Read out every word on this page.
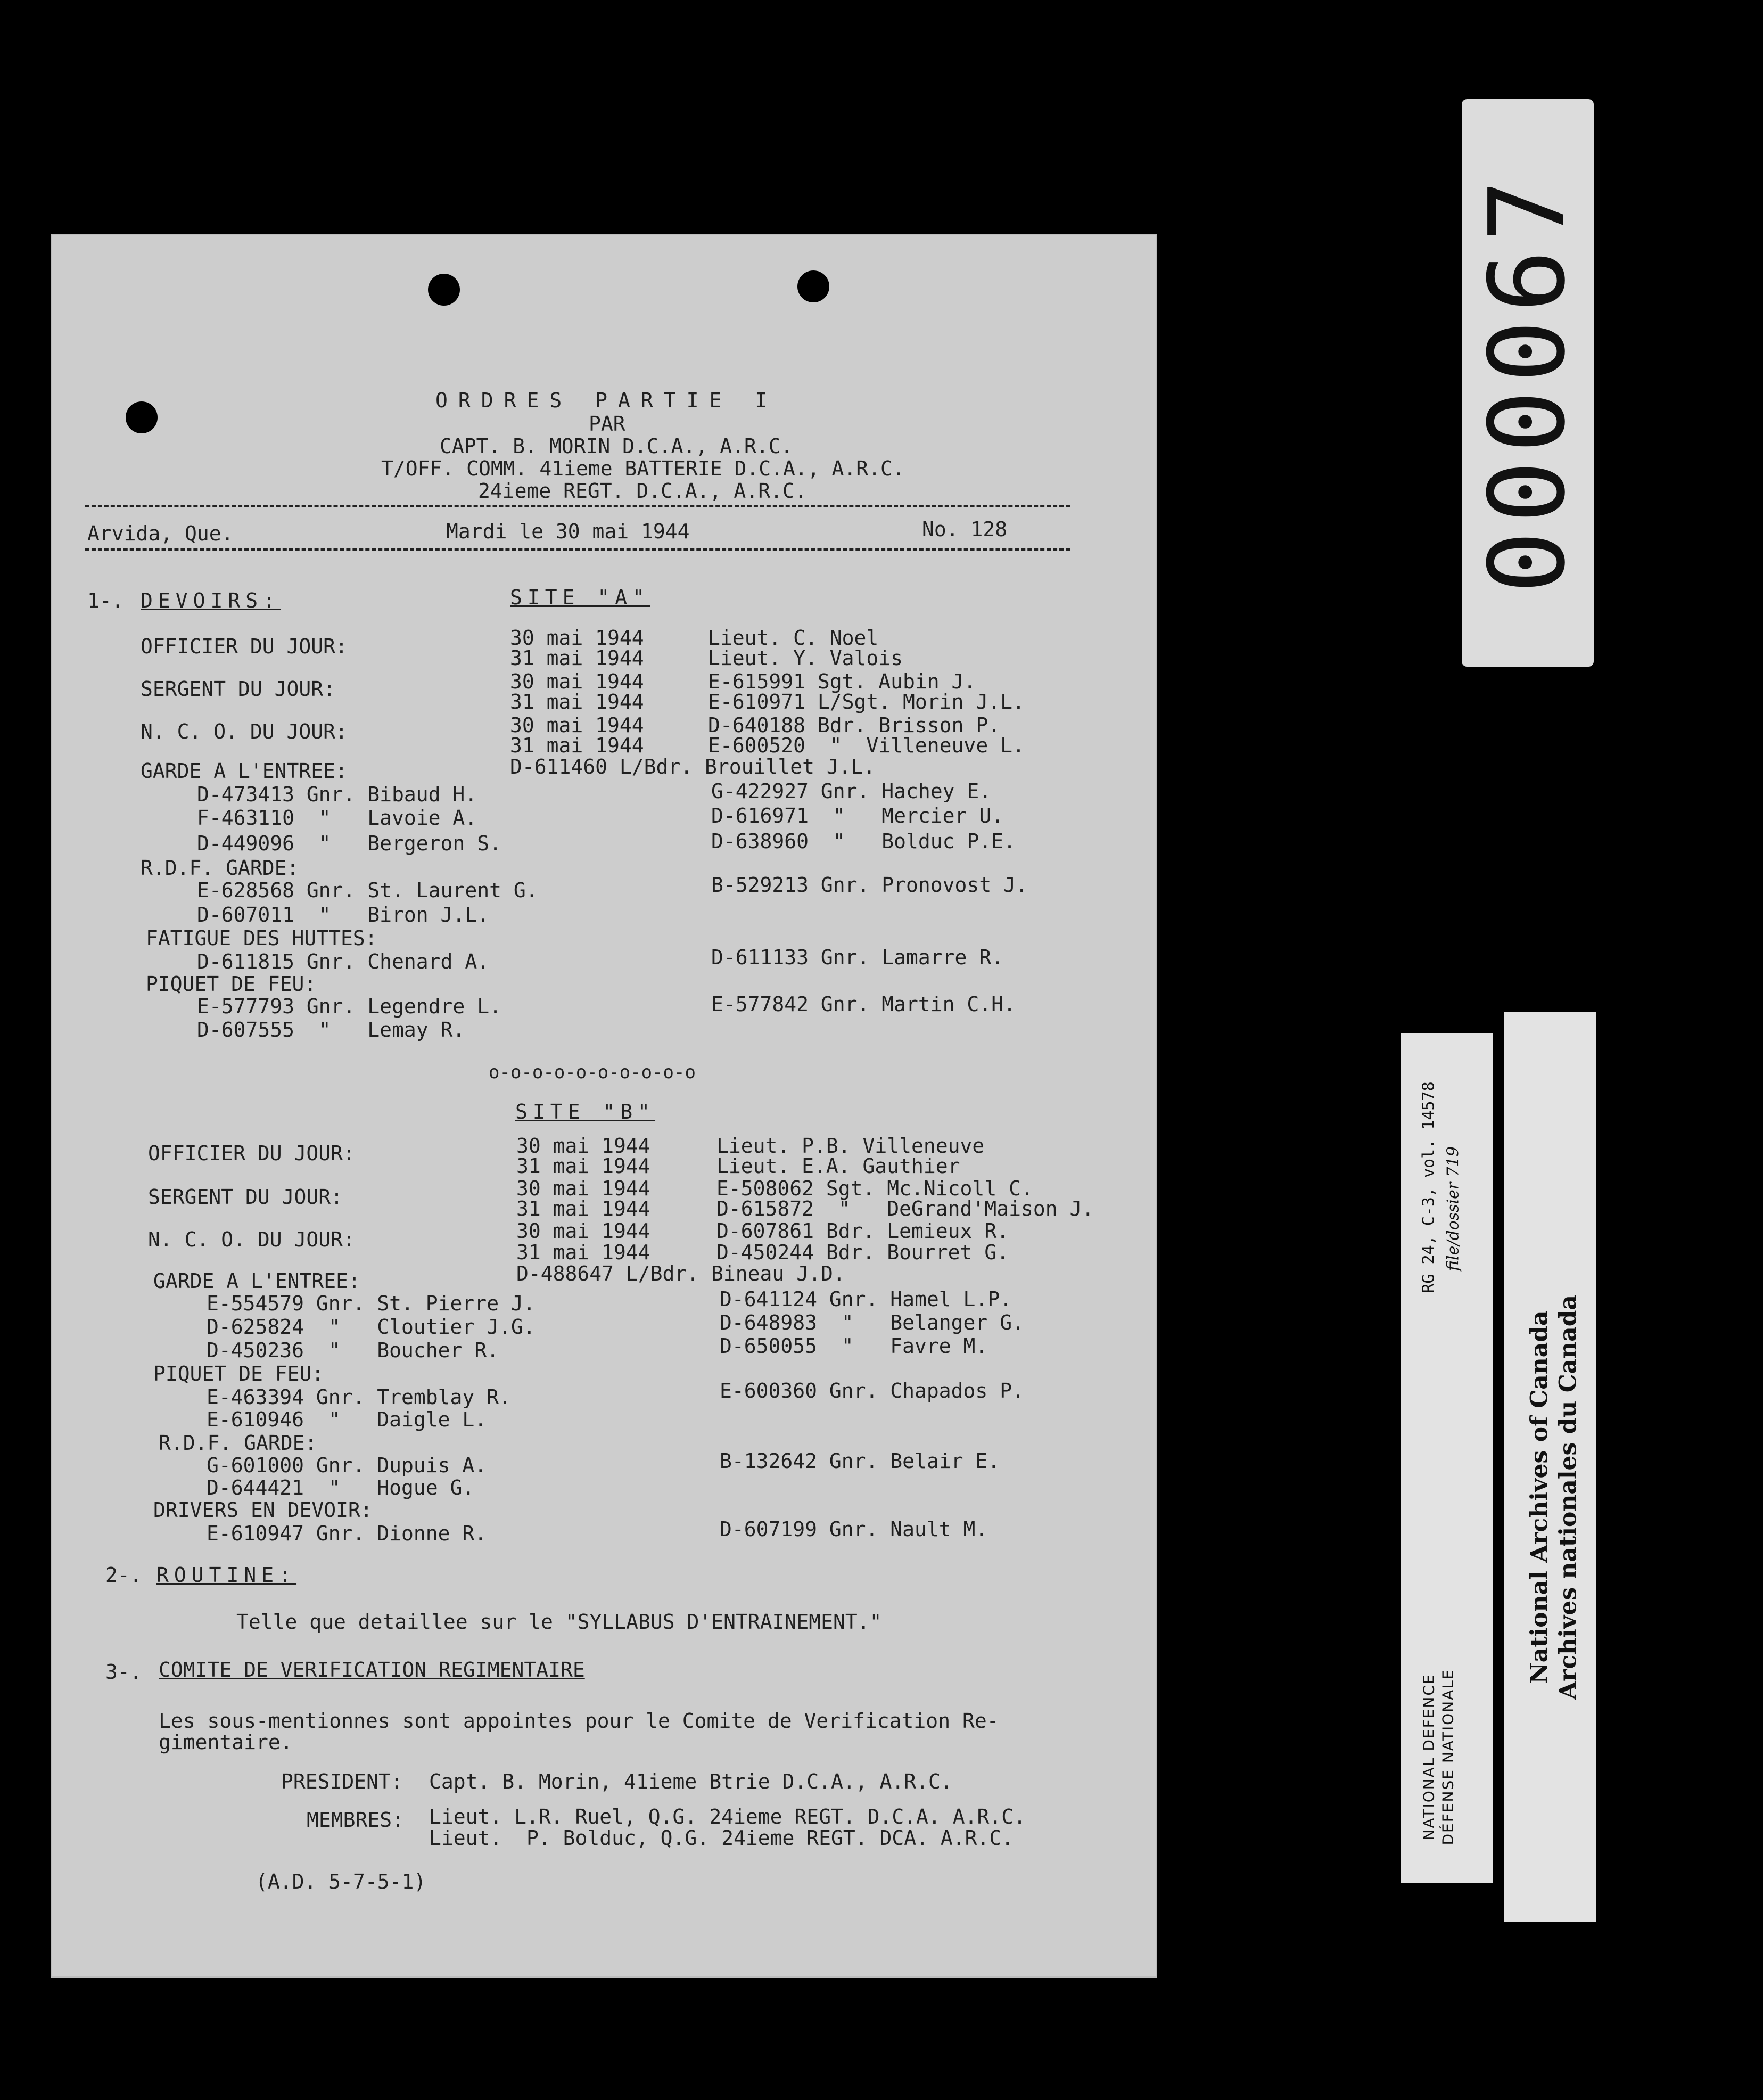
ORDRES PARTIE I
PAR
CAPT. B. MORIN D.C.A., A.R.C.
T/OFF. COMM. 41ieme BATTERIE D.C.A., A.R.C.
24ieme REGT. D.C.A., A.R.C.
Arvida, Que.	Mardi le 30 mai 1944	No. 128
1-. DEVOIRS:	SITE "A"
OFFICIER DU JOUR:	30 mai 1944	Lieut. C. Noel
31 mai 1944	Lieut. Y. Valois
SERGENT DU JOUR:	30 mai 1944	E-615991 Sgt. Aubin J.
31 mai 1944	E-610971 L/Sgt. Morin J.L.
N. C. O. DU JOUR:	30 mai 1944	D-640188 Bdr. Brisson P.
31 mai 1944	E-600520  "  Villeneuve L.
GARDE A L'ENTREE:	D-611460 L/Bdr. Brouillet J.L.
D-473413 Gnr. Bibaud H.	G-422927 Gnr. Hachey E.
F-463110  "   Lavoie A.	D-616971  "   Mercier U.
D-449096  "   Bergeron S.	D-638960  "   Bolduc P.E.
R.D.F. GARDE:
E-628568 Gnr. St. Laurent G.	B-529213 Gnr. Pronovost J.
D-607011  "   Biron J.L.
FATIGUE DES HUTTES:
D-611815 Gnr. Chenard A.	D-611133 Gnr. Lamarre R.
PIQUET DE FEU:
E-577793 Gnr. Legendre L.	E-577842 Gnr. Martin C.H.
D-607555  "   Lemay R.
o-o-o-o-o-o-o-o-o-o
SITE "B"
OFFICIER DU JOUR:	30 mai 1944	Lieut. P.B. Villeneuve
31 mai 1944	Lieut. E.A. Gauthier
SERGENT DU JOUR:	30 mai 1944	E-508062 Sgt. Mc.Nicoll C.
31 mai 1944	D-615872  "   DeGrand'Maison J.
N. C. O. DU JOUR:	30 mai 1944	D-607861 Bdr. Lemieux R.
31 mai 1944	D-450244 Bdr. Bourret G.
GARDE A L'ENTREE:	D-488647 L/Bdr. Bineau J.D.
E-554579 Gnr. St. Pierre J.	D-641124 Gnr. Hamel L.P.
D-625824  "   Cloutier J.G.	D-648983  "   Belanger G.
D-450236  "   Boucher R.	D-650055  "   Favre M.
PIQUET DE FEU:
E-463394 Gnr. Tremblay R.	E-600360 Gnr. Chapados P.
E-610946  "   Daigle L.
R.D.F. GARDE:
G-601000 Gnr. Dupuis A.	B-132642 Gnr. Belair E.
D-644421  "   Hogue G.
DRIVERS EN DEVOIR:
E-610947 Gnr. Dionne R.	D-607199 Gnr. Nault M.
2-. ROUTINE:
Telle que detaillee sur le "SYLLABUS D'ENTRAINEMENT."
3-. COMITE DE VERIFICATION REGIMENTAIRE
Les sous-mentionnes sont appointes pour le Comite de Verification Re-
gimentaire.
PRESIDENT: Capt. B. Morin, 41ieme Btrie D.C.A., A.R.C.
MEMBRES: Lieut. L.R. Ruel, Q.G. 24ieme REGT. D.C.A. A.R.C.
Lieut.  P. Bolduc, Q.G. 24ieme REGT. DCA. A.R.C.
(A.D. 5-7-5-1)
000067
RG 24, C-3, vol. 14578 file/dossier 719
NATIONAL DEFENCE DÉFENSE NATIONALE
National Archives of Canada Archives nationales du Canada
